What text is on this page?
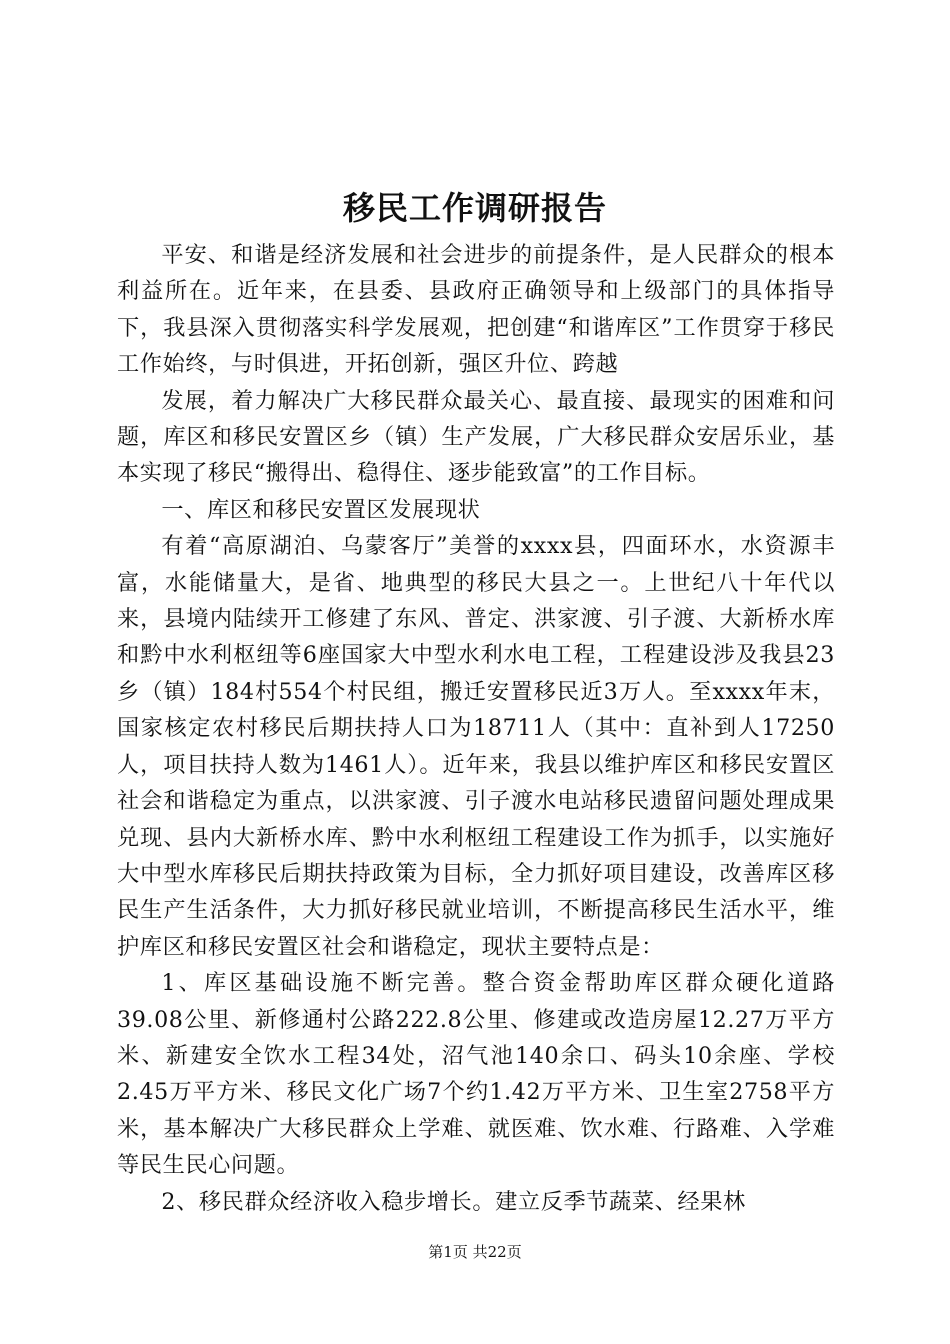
移民工作调研报告

平安、和谐是经济发展和社会进步的前提条件，是人民群众的根本利益所在。近年来，在县委、县政府正确领导和上级部门的具体指导下，我县深入贯彻落实科学发展观，把创建“和谐库区”工作贯穿于移民工作始终，与时俱进，开拓创新，强区升位、跨越

发展，着力解决广大移民群众最关心、最直接、最现实的困难和问题，库区和移民安置区乡（镇）生产发展，广大移民群众安居乐业，基本实现了移民“搬得出、稳得住、逐步能致富”的工作目标。

一、库区和移民安置区发展现状

有着“高原湖泊、乌蒙客厅”美誉的xxxx县，四面环水，水资源丰富，水能储量大，是省、地典型的移民大县之一。上世纪八十年代以来，县境内陆续开工修建了东风、普定、洪家渡、引子渡、大新桥水库和黔中水利枢纽等6座国家大中型水利水电工程，工程建设涉及我县23乡（镇）184村554个村民组，搬迁安置移民近3万人。至xxxx年末，国家核定农村移民后期扶持人口为18711人（其中：直补到人17250人，项目扶持人数为1461人）。近年来，我县以维护库区和移民安置区社会和谐稳定为重点，以洪家渡、引子渡水电站移民遗留问题处理成果兑现、县内大新桥水库、黔中水利枢纽工程建设工作为抓手，以实施好大中型水库移民后期扶持政策为目标，全力抓好项目建设，改善库区移民生产生活条件，大力抓好移民就业培训，不断提高移民生活水平，维护库区和移民安置区社会和谐稳定，现状主要特点是：

1、库区基础设施不断完善。整合资金帮助库区群众硬化道路39.08公里、新修通村公路222.8公里、修建或改造房屋12.27万平方米、新建安全饮水工程34处，沼气池140余口、码头10余座、学校2.45万平方米、移民文化广场7个约1.42万平方米、卫生室2758平方米，基本解决广大移民群众上学难、就医难、饮水难、行路难、入学难等民生民心问题。

2、移民群众经济收入稳步增长。建立反季节蔬菜、经果林

第1页 共22页
